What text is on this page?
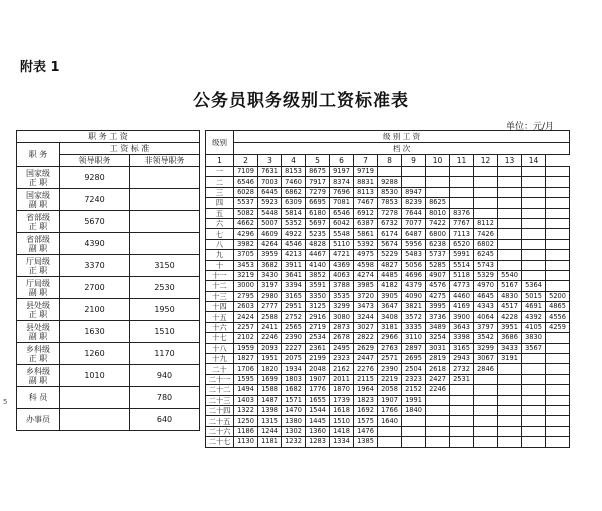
附表 1
公务员职务级别工资标准表
单位：元/月
5
职 务 工 资		
职 务	工 资 标 准	
	领导职务	非领导职务

国家级
正 职	9280	

国家级
副 职	7240	

省部级
正 职	5670	

省部级
副 职	4390	

厅局级
正 职	3370	3150

厅局级
副 职	2700	2530

县处级
正 职	2100	1950

县处级
副 职	1630	1510

乡科级
正 职	1260	1170

乡科级
副 职	1010	940

科 员		780

办事员		640
级别	级 别 工 资													
	档 次													
1	2	3	4	5	6	7	8	9	10	11	12	13	14	
一	7109	7631	8153	8675	9197	9719								
二	6546	7003	7460	7917	8374	8831	9288							
三	6028	6445	6862	7279	7696	8113	8530	8947						
四	5537	5923	6309	6695	7081	7467	7853	8239	8625					
五	5082	5448	5814	6180	6546	6912	7278	7644	8010	8376				
六	4662	5007	5352	5697	6042	6387	6732	7077	7422	7767	8112			
七	4296	4609	4922	5235	5548	5861	6174	6487	6800	7113	7426			
八	3982	4264	4546	4828	5110	5392	5674	5956	6238	6520	6802			
九	3705	3959	4213	4467	4721	4975	5229	5483	5737	5991	6245			
十	3453	3682	3911	4140	4369	4598	4827	5056	5285	5514	5743			
十一	3219	3430	3641	3852	4063	4274	4485	4696	4907	5118	5329	5540		
十二	3000	3197	3394	3591	3788	3985	4182	4379	4576	4773	4970	5167	5364	
十三	2795	2980	3165	3350	3535	3720	3905	4090	4275	4460	4645	4830	5015	5200
十四	2603	2777	2951	3125	3299	3473	3647	3821	3995	4169	4343	4517	4691	4865
十五	2424	2588	2752	2916	3080	3244	3408	3572	3736	3900	4064	4228	4392	4556
十六	2257	2411	2565	2719	2873	3027	3181	3335	3489	3643	3797	3951	4105	4259
十七	2102	2246	2390	2534	2678	2822	2966	3110	3254	3398	3542	3686	3830	
十八	1959	2093	2227	2361	2495	2629	2763	2897	3031	3165	3299	3433	3567	
十九	1827	1951	2075	2199	2323	2447	2571	2695	2819	2943	3067	3191		
二十	1706	1820	1934	2048	2162	2276	2390	2504	2618	2732	2846			
二十一	1595	1699	1803	1907	2011	2115	2219	2323	2427	2531				
二十二	1494	1588	1682	1776	1870	1964	2058	2152	2246					
二十三	1403	1487	1571	1655	1739	1823	1907	1991						
二十四	1322	1398	1470	1544	1618	1692	1766	1840						
二十五	1250	1315	1380	1445	1510	1575	1640							
二十六	1186	1244	1302	1360	1418	1476								
二十七	1130	1181	1232	1283	1334	1385								
